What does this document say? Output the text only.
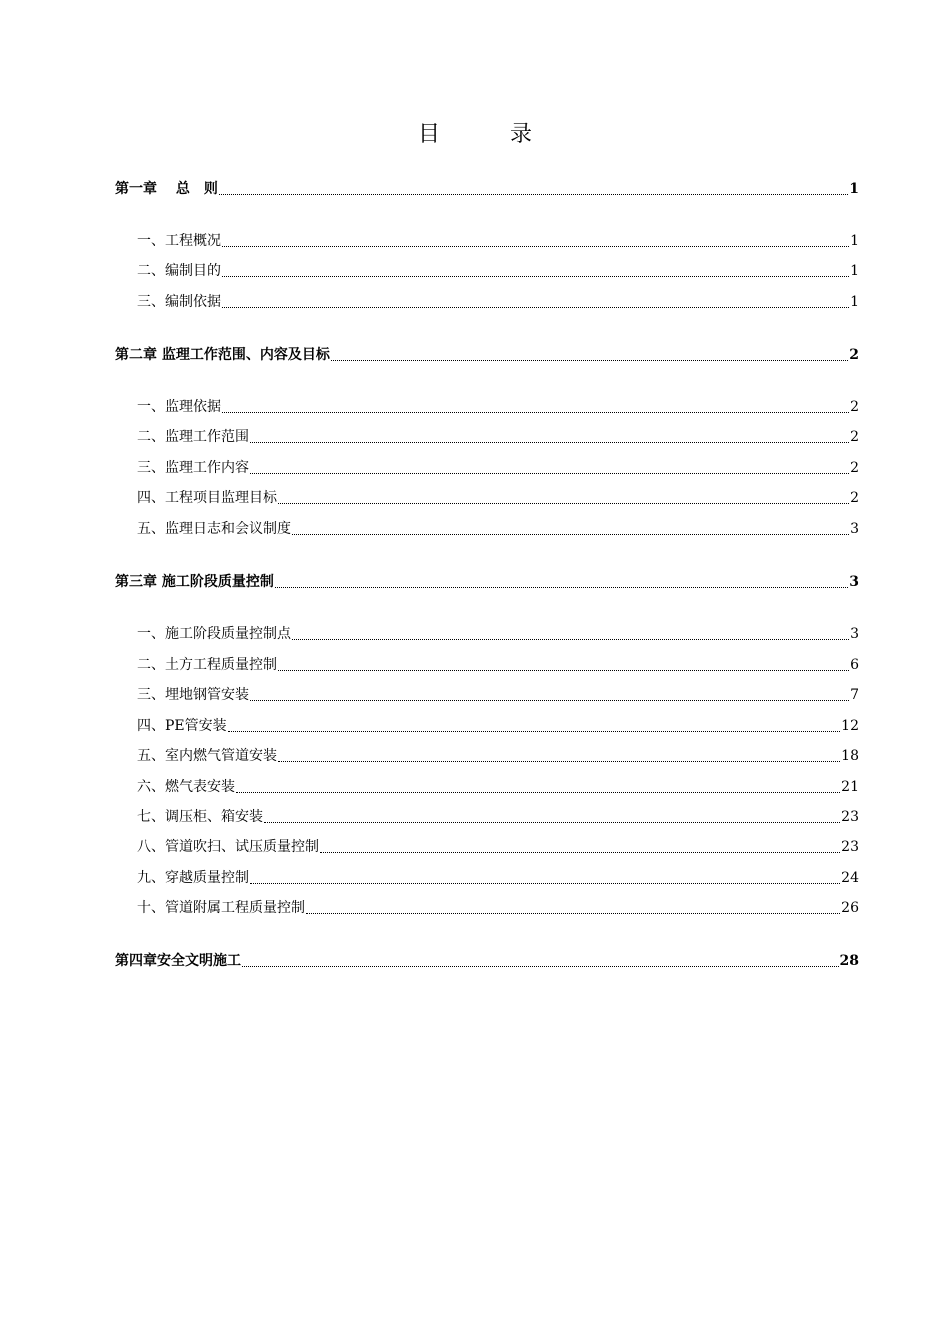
目　录
第一章　 总　则	1
一、工程概况	1
二、编制目的	1
三、编制依据	1
第二章 监理工作范围、内容及目标	2
一、监理依据	2
二、监理工作范围	2
三、监理工作内容	2
四、工程项目监理目标	2
五、监理日志和会议制度	3
第三章 施工阶段质量控制	3
一、施工阶段质量控制点	3
二、土方工程质量控制	6
三、埋地钢管安装	7
四、PE管安装	12
五、室内燃气管道安装	18
六、燃气表安装	21
七、调压柜、箱安装	23
八、管道吹扫、试压质量控制	23
九、穿越质量控制	24
十、管道附属工程质量控制	26
第四章安全文明施工	28
